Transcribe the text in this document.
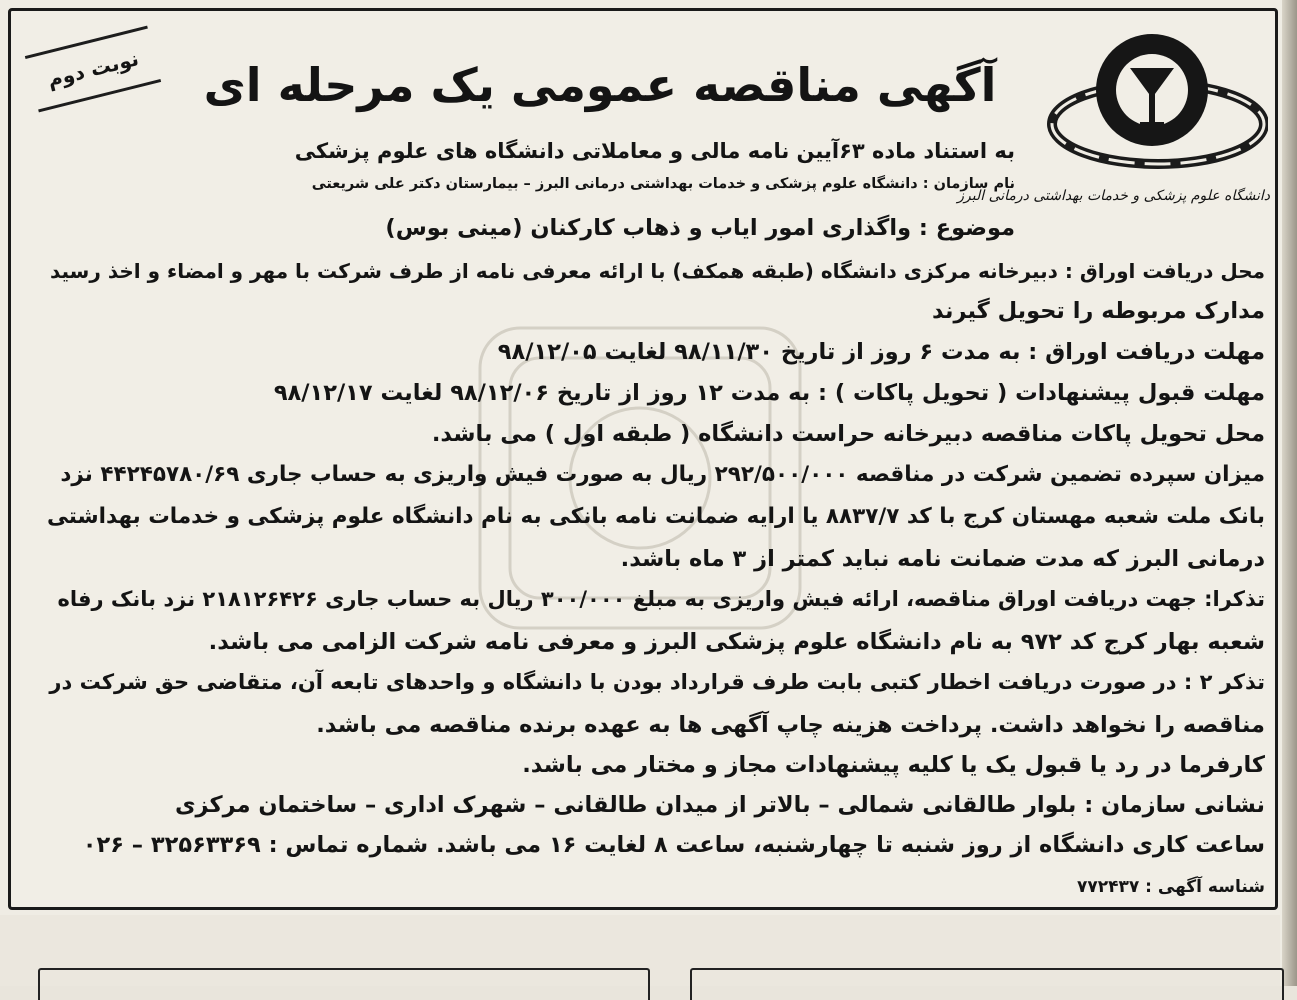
دانشگاه علوم پزشکی و خدمات بهداشتی درمانی البرز
نوبت دوم	آگهی مناقصه عمومی یک مرحله ای
به استناد ماده ۶۳آیین نامه مالی و معاملاتی دانشگاه های علوم پزشکی
نام سازمان : دانشگاه علوم پزشکی و خدمات بهداشتی درمانی البرز – بیمارستان دکتر علی شریعتی
موضوع : واگذاری امور ایاب و ذهاب کارکنان (مینی بوس)
محل دریافت اوراق : دبیرخانه مرکزی دانشگاه (طبقه همکف) با ارائه معرفی نامه از طرف شرکت با مهر و امضاء و اخذ رسید
مدارک مربوطه را تحویل گیرند
مهلت دریافت اوراق : به مدت ۶ روز از تاریخ ۹۸/۱۱/۳۰ لغایت ۹۸/۱۲/۰۵
مهلت قبول پیشنهادات ( تحویل پاکات ) : به مدت ۱۲ روز از تاریخ ۹۸/۱۲/۰۶ لغایت ۹۸/۱۲/۱۷
محل تحویل پاکات مناقصه دبیرخانه حراست دانشگاه ( طبقه اول ) می باشد.
میزان سپرده تضمین شرکت در مناقصه ۲۹۲/۵۰۰/۰۰۰ ریال به صورت فیش واریزی به حساب جاری ۴۴۲۴۵۷۸۰/۶۹ نزد
بانک ملت شعبه مهستان کرج با کد ۸۸۳۷/۷ یا ارایه ضمانت نامه بانکی به نام دانشگاه علوم پزشکی و خدمات بهداشتی
درمانی البرز که مدت ضمانت نامه نباید کمتر از ۳ ماه باشد.
تذکرا: جهت دریافت اوراق مناقصه، ارائه فیش واریزی به مبلغ ۳۰۰/۰۰۰ ریال به حساب جاری ۲۱۸۱۲۶۴۲۶ نزد بانک رفاه
شعبه بهار کرج کد ۹۷۲ به نام دانشگاه علوم پزشکی البرز و معرفی نامه شرکت الزامی می باشد.
تذکر ۲ : در صورت دریافت اخطار کتبی بابت طرف قرارداد بودن با دانشگاه و واحدهای تابعه آن، متقاضی حق شرکت در
مناقصه را نخواهد داشت. پرداخت هزینه چاپ آگهی ها به عهده برنده مناقصه می باشد.
کارفرما در رد یا قبول یک یا کلیه پیشنهادات مجاز و مختار می باشد.
نشانی سازمان : بلوار طالقانی شمالی – بالاتر از میدان طالقانی – شهرک اداری – ساختمان مرکزی
ساعت کاری دانشگاه از روز شنبه تا چهارشنبه، ساعت ۸ لغایت ۱۶ می باشد. شماره تماس : ۳۲۵۶۳۳۶۹ – ۰۲۶
شناسه آگهی : ۷۷۲۴۳۷
